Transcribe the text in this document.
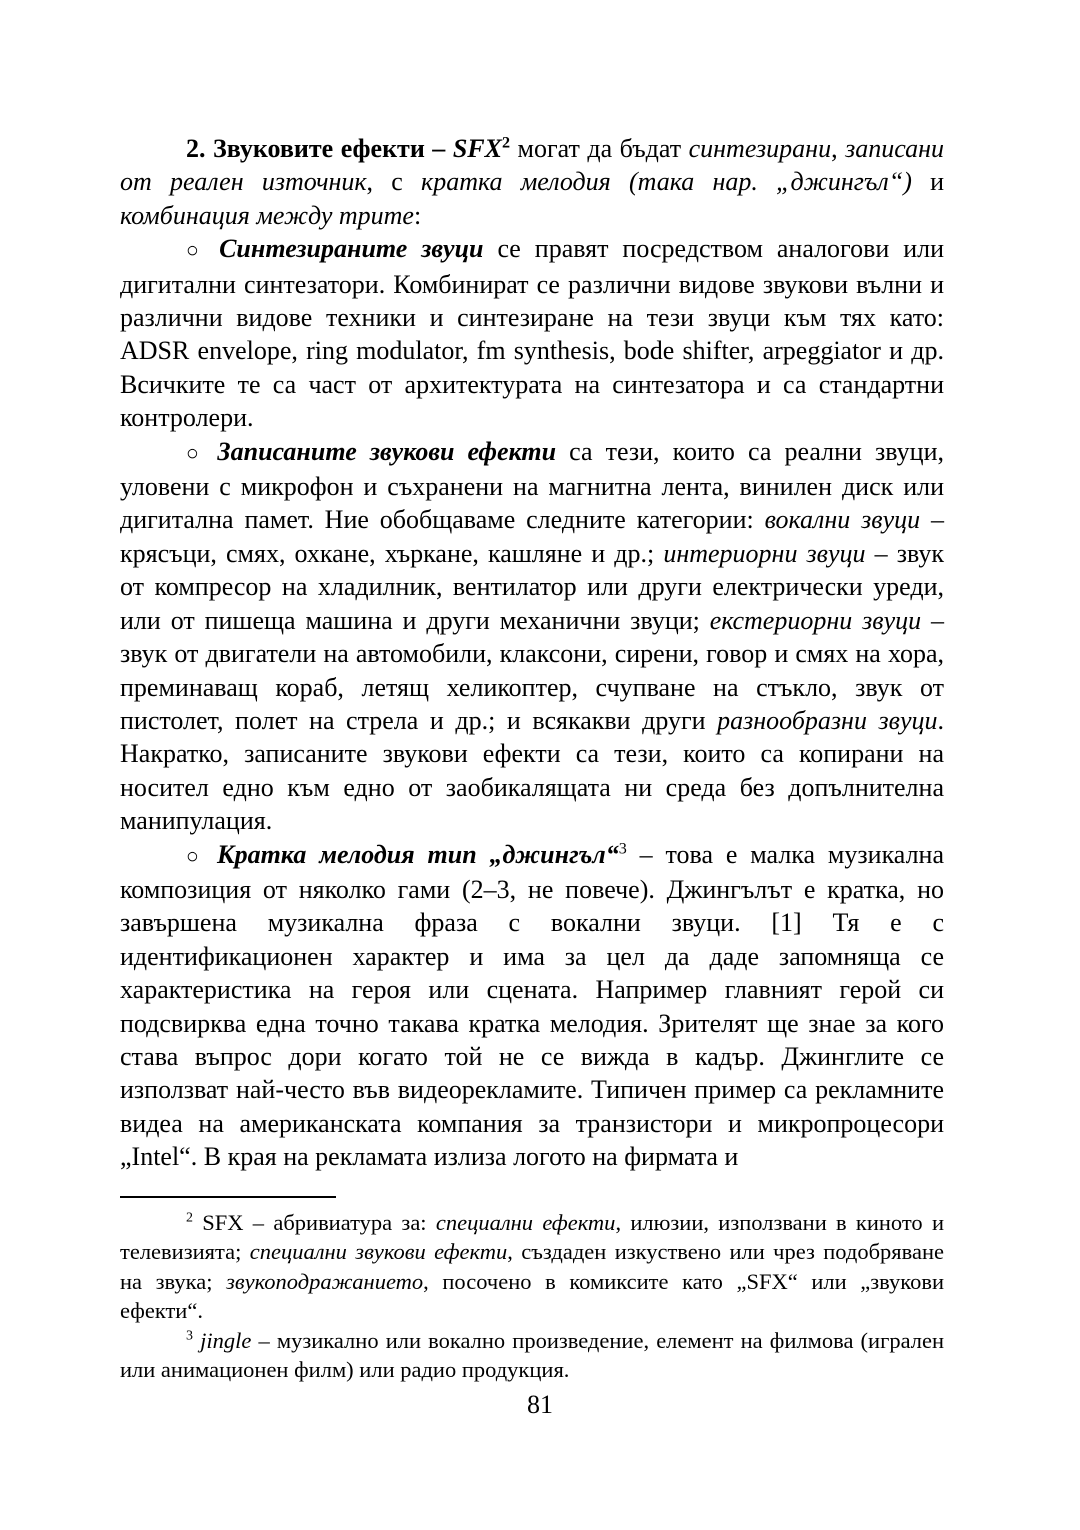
2. Звуковите ефекти – SFX$^2$ могат да бъдат синтезирани, записани от реален източник, с кратка мелодия (така нар. „джингъл“) и комбинация между трите:

○ Синтезираните звуци се правят посредством аналогови или дигитални синтезатори. Комбинират се различни видове звукови вълни и различни видове техники и синтезиране на тези звуци към тях като: ADSR envelope, ring modulator, fm synthesis, bode shifter, arpeggiator и др. Всичките те са част от архитектурата на синтезатора и са стандартни контролери.

○ Записаните звукови ефекти са тези, които са реални звуци, уловени с микрофон и съхранени на магнитна лента, винилен диск или дигитална памет. Ние обобщаваме следните категории: вокални звуци – крясъци, смях, охкане, хъркане, кашляне и др.; интериорни звуци – звук от компресор на хладилник, вентилатор или други електрически уреди, или от пишеща машина и други механични звуци; екстериорни звуци – звук от двигатели на автомобили, клаксони, сирени, говор и смях на хора, преминаващ кораб, летящ хеликоптер, счупване на стъкло, звук от пистолет, полет на стрела и др.; и всякакви други разнообразни звуци. Накратко, записаните звукови ефекти са тези, които са копирани на носител едно към едно от заобикалящата ни среда без допълнителна манипулация.

○ Кратка мелодия тип „джингъл“$^3$ – това е малка музикална композиция от няколко гами (2–3, не повече). Джингълът е кратка, но завършена музикална фраза с вокални звуци. [1] Тя е с идентификационен характер и има за цел да даде запомняща се характеристика на героя или сцената. Например главният герой си подсвирква една точно такава кратка мелодия. Зрителят ще знае за кого става въпрос дори когато той не се вижда в кадър. Джинглите се използват най-често във видеорекламите. Типичен пример са рекламните видеа на американската компания за транзистори и микропроцесори „Intel“. В края на рекламата излиза логото на фирмата и

$^2$ SFX – абривиатура за: специални ефекти, илюзии, използвани в киното и телевизията; специални звукови ефекти, създаден изкуствено или чрез подобряване на звука; звукоподражанието, посочено в комиксите като „SFX“ или „звукови ефекти“.

$^3$ jingle – музикално или вокално произведение, елемент на филмова (игрален или анимационен филм) или радио продукция.

81
